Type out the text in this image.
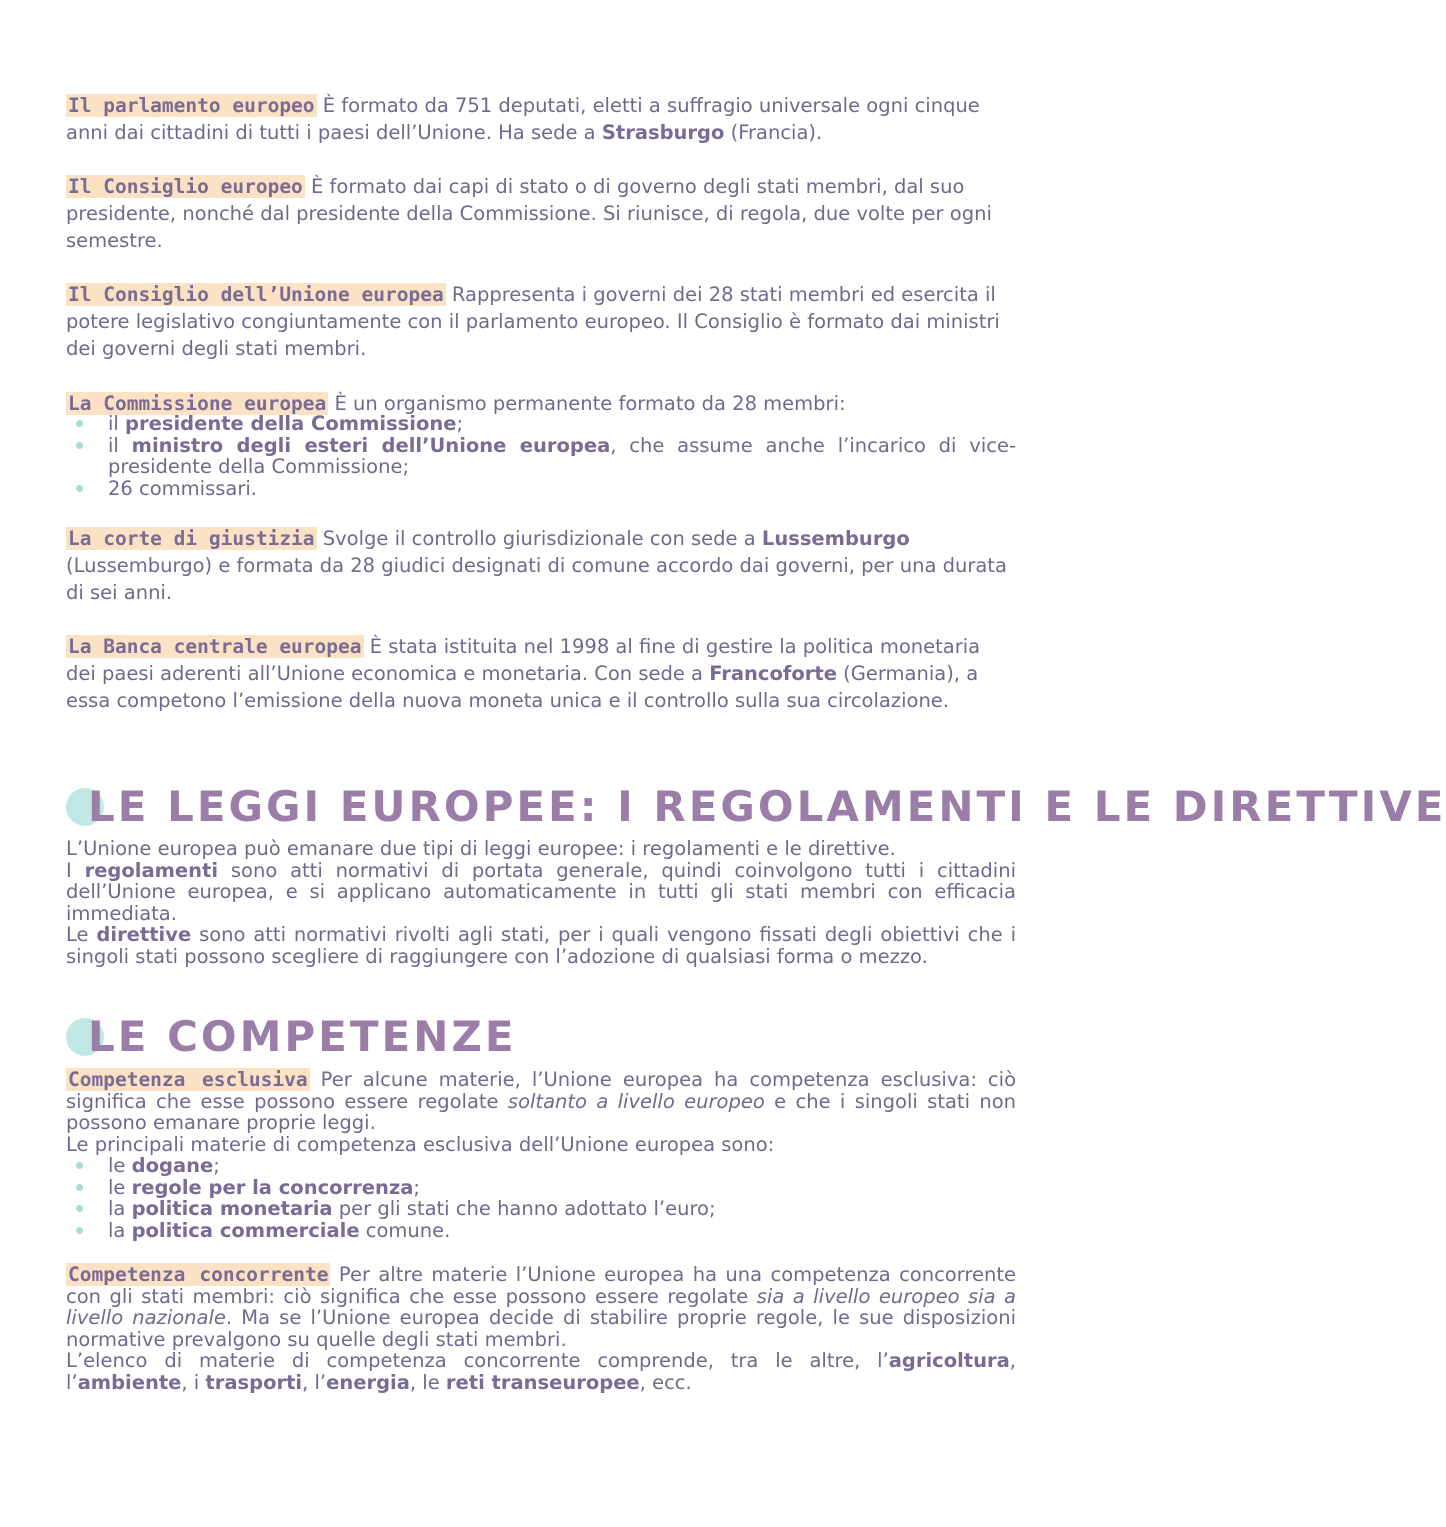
Il parlamento europeo È formato da 751 deputati, eletti a suffragio universale ogni cinque anni dai cittadini di tutti i paesi dell’Unione. Ha sede a Strasburgo (Francia).

Il Consiglio europeo È formato dai capi di stato o di governo degli stati membri, dal suo presidente, nonché dal presidente della Commissione. Si riunisce, di regola, due volte per ogni semestre.

Il Consiglio dell’Unione europea Rappresenta i governi dei 28 stati membri ed esercita il potere legislativo congiuntamente con il parlamento europeo. Il Consiglio è formato dai ministri dei governi degli stati membri.

La Commissione europea È un organismo permanente formato da 28 membri:

il presidente della Commissione;
il ministro degli esteri dell’Unione europea, che assume anche l’incarico di vice-presidente della Commissione;
26 commissari.

La corte di giustizia Svolge il controllo giurisdizionale con sede a Lussemburgo (Lussemburgo) e formata da 28 giudici designati di comune accordo dai governi, per una durata di sei anni.

La Banca centrale europea È stata istituita nel 1998 al fine di gestire la politica monetaria dei paesi aderenti all’Unione economica e monetaria. Con sede a Francoforte (Germania), a essa competono l’emissione della nuova moneta unica e il controllo sulla sua circolazione.

LE LEGGI EUROPEE: I REGOLAMENTI E LE DIRETTIVE

L’Unione europea può emanare due tipi di leggi europee: i regolamenti e le direttive.

I regolamenti sono atti normativi di portata generale, quindi coinvolgono tutti i cittadini dell’Unione europea, e si applicano automaticamente in tutti gli stati membri con efficacia immediata.

Le direttive sono atti normativi rivolti agli stati, per i quali vengono fissati degli obiettivi che i singoli stati possono scegliere di raggiungere con l’adozione di qualsiasi forma o mezzo.

LE COMPETENZE

Competenza esclusiva Per alcune materie, l’Unione europea ha competenza esclusiva: ciò significa che esse possono essere regolate soltanto a livello europeo e che i singoli stati non possono emanare proprie leggi.

Le principali materie di competenza esclusiva dell’Unione europea sono:

le dogane;
le regole per la concorrenza;
la politica monetaria per gli stati che hanno adottato l’euro;
la politica commerciale comune.

Competenza concorrente Per altre materie l’Unione europea ha una competenza concorrente con gli stati membri: ciò significa che esse possono essere regolate sia a livello europeo sia a livello nazionale. Ma se l’Unione europea decide di stabilire proprie regole, le sue disposizioni normative prevalgono su quelle degli stati membri.

L’elenco di materie di competenza concorrente comprende, tra le altre, l’agricoltura, l’ambiente, i trasporti, l’energia, le reti transeuropee, ecc.
